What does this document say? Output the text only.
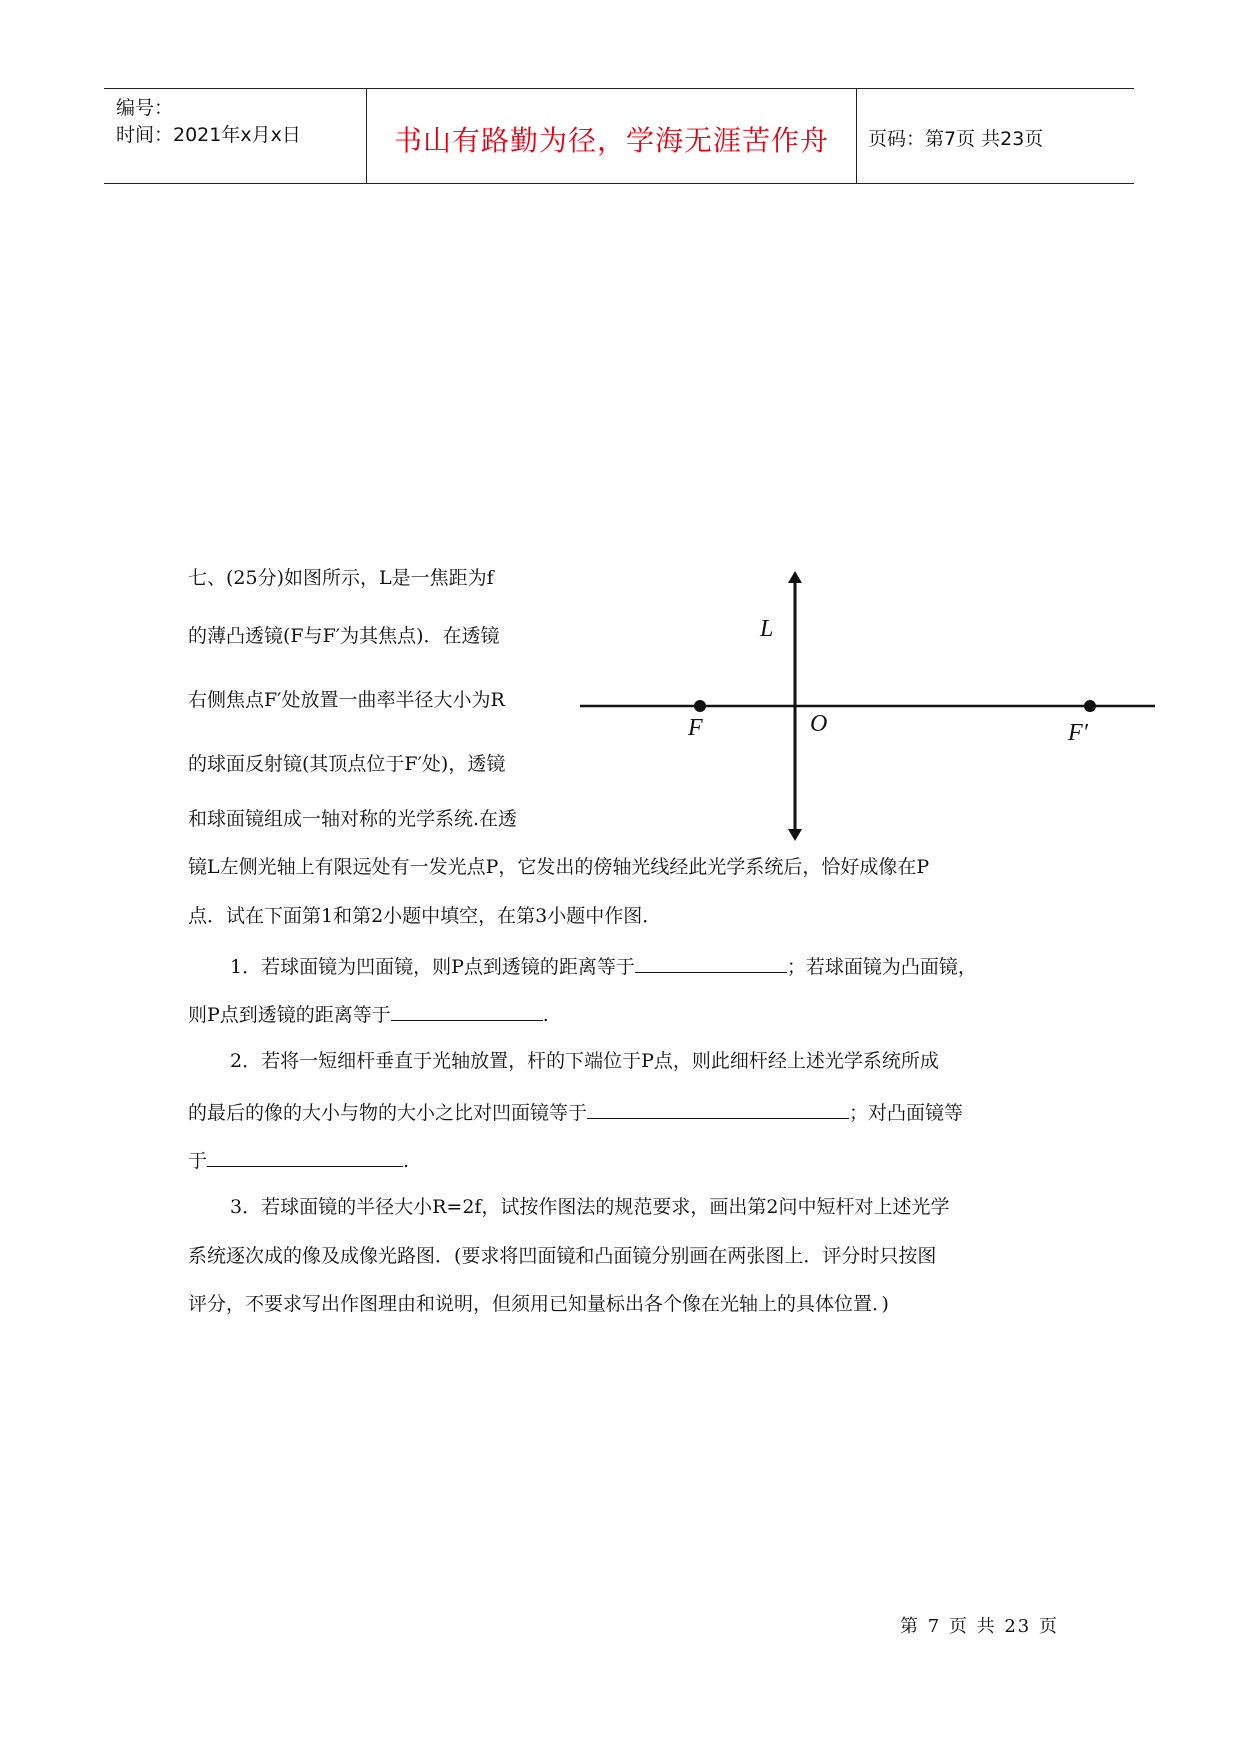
编号：
时间：2021年x月x日	书山有路勤为径，学海无涯苦作舟	页码：第7页 共23页
七、(25分)如图所示，L是一焦距为f
的薄凸透镜(F与F′为其焦点)．在透镜
右侧焦点F′处放置一曲率半径大小为R
的球面反射镜(其顶点位于F′处)，透镜
和球面镜组成一轴对称的光学系统.在透
镜L左侧光轴上有限远处有一发光点P，它发出的傍轴光线经此光学系统后，恰好成像在P
点．试在下面第1和第2小题中填空，在第3小题中作图．
1．若球面镜为凹面镜，则P点到透镜的距离等于	；若球面镜为凸面镜，
则P点到透镜的距离等于	.
2．若将一短细杆垂直于光轴放置，杆的下端位于P点，则此细杆经上述光学系统所成
的最后的像的大小与物的大小之比对凹面镜等于	；对凸面镜等
于	.
3．若球面镜的半径大小R=2f，试按作图法的规范要求，画出第2问中短杆对上述光学
系统逐次成的像及成像光路图．(要求将凹面镜和凸面镜分别画在两张图上．评分时只按图
评分，不要求写出作图理由和说明，但须用已知量标出各个像在光轴上的具体位置．)
L
F	O	F′
第 7 页 共 23 页
